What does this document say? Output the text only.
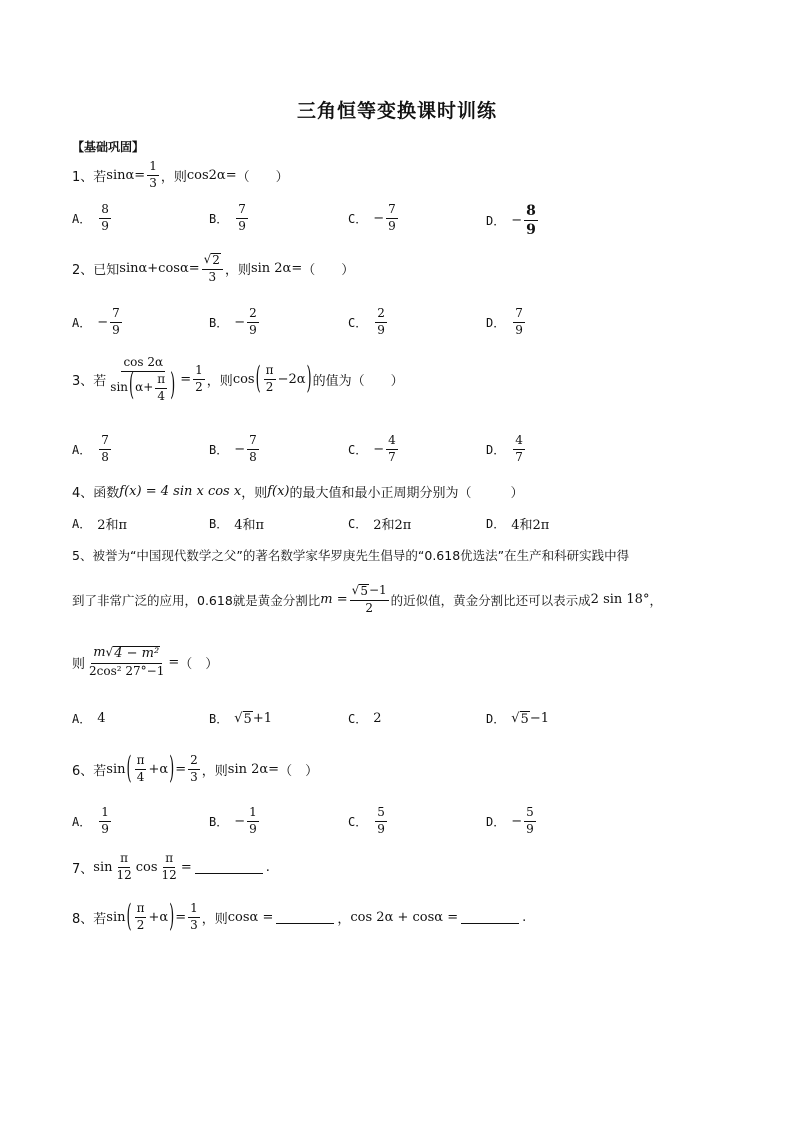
三角恒等变换课时训练
【基础巩固】
1、 若 $\sin\alpha = \frac{1}{3}$ ，则 cos2α = （　　）
A． $\frac{8}{9}$	B． $\frac{7}{9}$	C． − $\frac{7}{9}$	D． − $\frac{8}{9}$
2、 已知 $\sin\alpha+\cos\alpha = \frac{√ 2}{3}$ ，则 sin 2α = （　　）
A． − $\frac{7}{9}$	B． − $\frac{2}{9}$	C． $\frac{2}{9}$	D． $\frac{7}{9}$
3、 若 $\frac{\cos 2\alpha}{\sin ( \alpha+ \frac{\pi}{4} )} = \frac{1}{2}$ ，则 cos ( $\frac{\pi}{2} -2\alpha$ ) 的值为（　　）
A． $\frac{7}{8}$	B． − $\frac{7}{8}$	C． − $\frac{4}{7}$	D． $\frac{4}{7}$
4、 函数 f(x) = 4 sin x cos x ，则 f(x) 的最大值和最小正周期分别为（　　　）
A． 2和π	B． 4和π	C． 2和2π	D． 4和2π
5、被誉为“中国现代数学之父”的著名数学家华罗庚先生倡导的“0.618优选法”在生产和科研实践中得
到了非常广泛的应用，0.618就是黄金分割比 $m = \frac{√ 5 -1}{2}$ 的近似值，黄金分割比还可以表示成 2 sin 18° ，
则 $\frac{\text{m √ 4 − m²}}{\text{2cos² 27°−1}}$ = （　）
A． 4	B． √ 5 +1	C． 2	D． √ 5 −1
6、 若 sin ( $\frac{\pi}{4} +\alpha$ ) = $\frac{2}{3}$ ，则 sin 2α = （　）
A． $\frac{1}{9}$	B． − $\frac{1}{9}$	C． $\frac{5}{9}$	D． − $\frac{5}{9}$
7、 $\sin \frac{\pi}{12}$ $\cos \frac{\pi}{12}$ =	.
8、 若 sin ( $\frac{\pi}{2} +\alpha$ ) = $\frac{1}{3}$ ，则 cosα =	， cos 2α + cosα =	.
